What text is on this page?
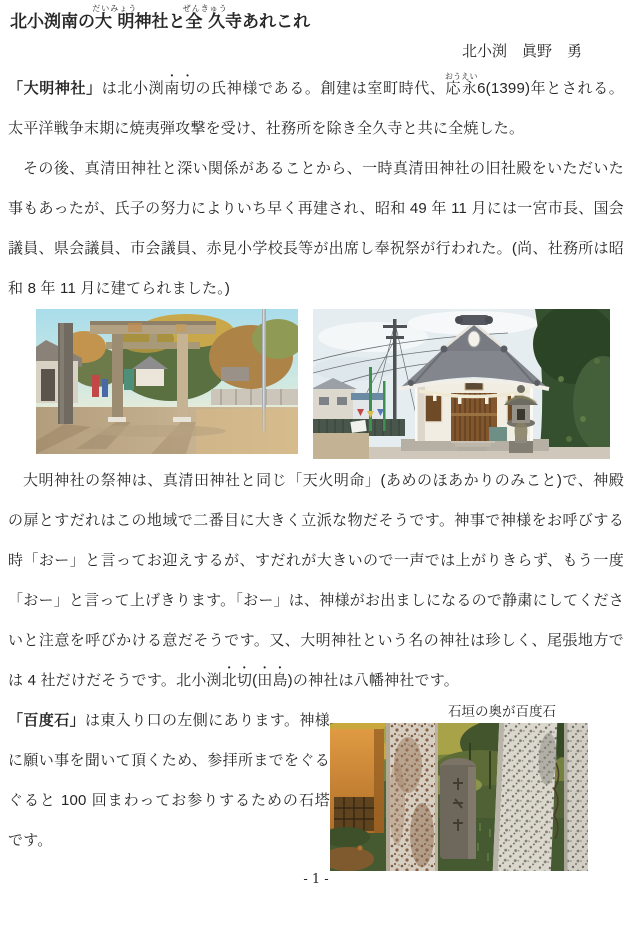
北小渕南の大明だいみょう神社と全久ぜんきゅう寺あれこれ
北小渕　眞野　勇

「大明神社」は北小渕南切の氏神様である。創建は室町時代、応永おうえい6(1399)年とされる。太平洋戦争末期に焼夷弾攻撃を受け、社務所を除き全久寺と共に全焼した。

その後、真清田神社と深い関係があることから、一時真清田神社の旧社殿をいただいた事もあったが、氏子の努力によりいち早く再建され、昭和 49 年 11 月には一宮市長、国会議員、県会議員、市会議員、赤見小学校長等が出席し奉祝祭が行われた。(尚、社務所は昭和 8 年 11 月に建てられました。)

大明神社の祭神は、真清田神社と同じ「天火明命」(あめのほあかりのみこと)で、神殿の扉とすだれはこの地域で二番目に大きく立派な物だそうです。神事で神様をお呼びする時「おー」と言ってお迎えするが、すだれが大きいので一声では上がりきらず、もう一度「おー」と言って上げきります。「おー」は、神様がお出ましになるので静粛にしてくださいと注意を呼びかける意だそうです。又、大明神社という名の神社は珍しく、尾張地方では 4 社だけだそうです。北小渕北切(田島)の神社は八幡神社です。

石垣の奥が百度石

「百度石」は東入り口の左側にあります。神様に願い事を聞いて頂くため、参拝所までをぐるぐると 100 回まわってお参りするための石塔です。

- 1 -
